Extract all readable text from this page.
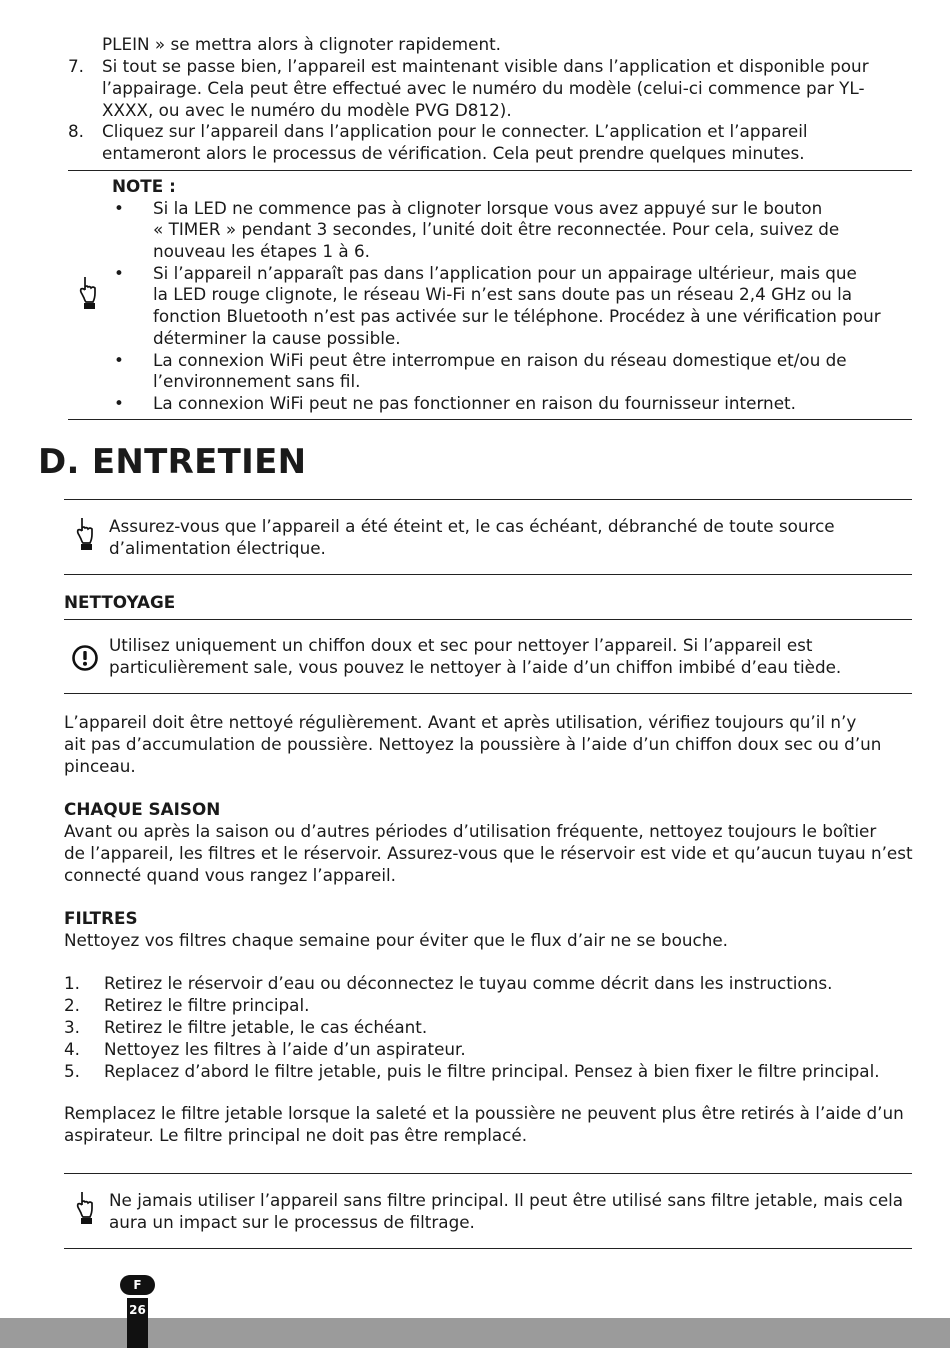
PLEIN » se mettra alors à clignoter rapidement.
7. Si tout se passe bien, l’appareil est maintenant visible dans l’application et disponible pour
l’appairage. Cela peut être effectué avec le numéro du modèle (celui-ci commence par YL-
XXXX, ou avec le numéro du modèle PVG D812).
8. Cliquez sur l’appareil dans l’application pour le connecter. L’application et l’appareil
entameront alors le processus de vérification. Cela peut prendre quelques minutes.
NOTE :
• Si la LED ne commence pas à clignoter lorsque vous avez appuyé sur le bouton
« TIMER » pendant 3 secondes, l’unité doit être reconnectée. Pour cela, suivez de
nouveau les étapes 1 à 6.
• Si l’appareil n’apparaît pas dans l’application pour un appairage ultérieur, mais que
la LED rouge clignote, le réseau Wi-Fi n’est sans doute pas un réseau 2,4 GHz ou la
fonction Bluetooth n’est pas activée sur le téléphone. Procédez à une vérification pour
déterminer la cause possible.
• La connexion WiFi peut être interrompue en raison du réseau domestique et/ou de
l’environnement sans fil.
• La connexion WiFi peut ne pas fonctionner en raison du fournisseur internet.
D. ENTRETIEN
Assurez-vous que l’appareil a été éteint et, le cas échéant, débranché de toute source
d’alimentation électrique.
NETTOYAGE
Utilisez uniquement un chiffon doux et sec pour nettoyer l’appareil. Si l’appareil est
particulièrement sale, vous pouvez le nettoyer à l’aide d’un chiffon imbibé d’eau tiède.
L’appareil doit être nettoyé régulièrement. Avant et après utilisation, vérifiez toujours qu’il n’y
ait pas d’accumulation de poussière. Nettoyez la poussière à l’aide d’un chiffon doux sec ou d’un
pinceau.
CHAQUE SAISON
Avant ou après la saison ou d’autres périodes d’utilisation fréquente, nettoyez toujours le boîtier
de l’appareil, les filtres et le réservoir. Assurez-vous que le réservoir est vide et qu’aucun tuyau n’est
connecté quand vous rangez l’appareil.
FILTRES
Nettoyez vos filtres chaque semaine pour éviter que le flux d’air ne se bouche.
1. Retirez le réservoir d’eau ou déconnectez le tuyau comme décrit dans les instructions.
2. Retirez le filtre principal.
3. Retirez le filtre jetable, le cas échéant.
4. Nettoyez les filtres à l’aide d’un aspirateur.
5. Replacez d’abord le filtre jetable, puis le filtre principal. Pensez à bien fixer le filtre principal.
Remplacez le filtre jetable lorsque la saleté et la poussière ne peuvent plus être retirés à l’aide d’un
aspirateur. Le filtre principal ne doit pas être remplacé.
Ne jamais utiliser l’appareil sans filtre principal. Il peut être utilisé sans filtre jetable, mais cela
aura un impact sur le processus de filtrage.
26
F
